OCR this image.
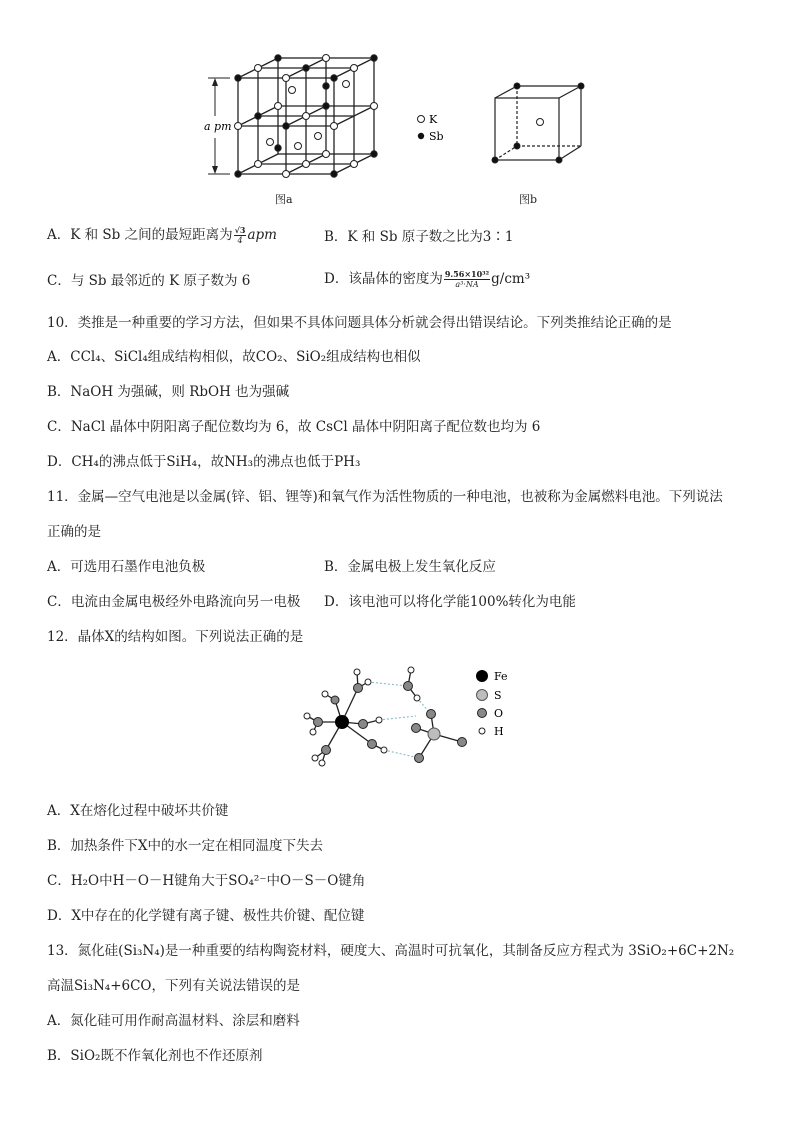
a pm
K
Sb
图a	图b
A．K 和 Sb 之间的最短距离为 $\frac{√3}{4}$ apm	B．K 和 Sb 原子数之比为3∶1
C．与 Sb 最邻近的 K 原子数为 6	D．该晶体的密度为 $\frac{\text{9.56×10³²}}{\text{a³·NA}} g/cm^3$
10．类推是一种重要的学习方法，但如果不具体问题具体分析就会得出错误结论。下列类推结论正确的是
A．CCl₄、SiCl₄组成结构相似，故CO₂、SiO₂组成结构也相似
B．NaOH 为强碱，则 RbOH 也为强碱
C．NaCl 晶体中阴阳离子配位数均为 6，故 CsCl 晶体中阴阳离子配位数也均为 6
D．CH₄的沸点低于SiH₄，故NH₃的沸点也低于PH₃
11．金属—空气电池是以金属(锌、铝、锂等)和氧气作为活性物质的一种电池，也被称为金属燃料电池。下列说法
正确的是
A．可选用石墨作电池负极	B．金属电极上发生氧化反应
C．电流由金属电极经外电路流向另一电极 D．该电池可以将化学能100%转化为电能
12．晶体X的结构如图。下列说法正确的是
Fe
S
O
H
A．X在熔化过程中破坏共价键
B．加热条件下X中的水一定在相同温度下失去
C．H₂O中H－O－H键角大于SO₄²⁻中O－S－O键角
D．X中存在的化学键有离子键、极性共价键、配位键
13．氮化硅(Si₃N₄)是一种重要的结构陶瓷材料，硬度大、高温时可抗氧化，其制备反应方程式为 3SiO₂+6C+2N₂
高温Si₃N₄+6CO，下列有关说法错误的是
A．氮化硅可用作耐高温材料、涂层和磨料
B．SiO₂既不作氧化剂也不作还原剂
